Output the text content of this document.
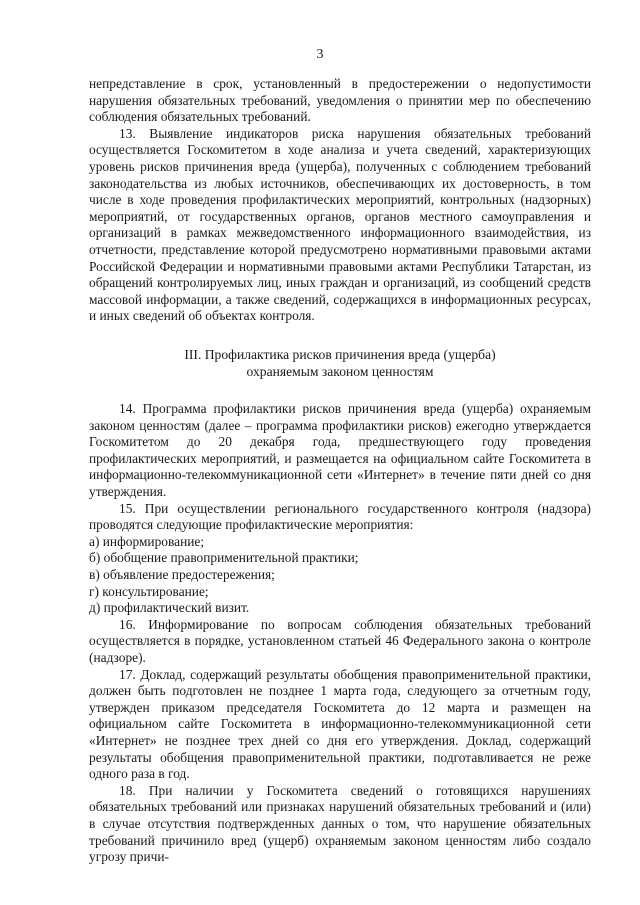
3

непредставление в срок, установленный в предостережении о недопустимости нарушения обязательных требований, уведомления о принятии мер по обеспечению соблюдения обязательных требований.

13. Выявление индикаторов риска нарушения обязательных требований осуществляется Госкомитетом в ходе анализа и учета сведений, характеризующих уровень рисков причинения вреда (ущерба), полученных с соблюдением требований законодательства из любых источников, обеспечивающих их достоверность, в том числе в ходе проведения профилактических мероприятий, контрольных (надзорных) мероприятий, от государственных органов, органов местного самоуправления и организаций в рамках межведомственного информационного взаимодействия, из отчетности, представление которой предусмотрено нормативными правовыми актами Российской Федерации и нормативными правовыми актами Республики Татарстан, из обращений контролируемых лиц, иных граждан и организаций, из сообщений средств массовой информации, а также сведений, содержащихся в информационных ресурсах, и иных сведений об объектах контроля.

III. Профилактика рисков причинения вреда (ущерба)
охраняемым законом ценностям

14. Программа профилактики рисков причинения вреда (ущерба) охраняемым законом ценностям (далее – программа профилактики рисков) ежегодно утверждается Госкомитетом до 20 декабря года, предшествующего году проведения профилактических мероприятий, и размещается на официальном сайте Госкомитета в информационно-телекоммуникационной сети «Интернет» в течение пяти дней со дня утверждения.

15. При осуществлении регионального государственного контроля (надзора) проводятся следующие профилактические мероприятия:

а) информирование;

б) обобщение правоприменительной практики;

в) объявление предостережения;

г) консультирование;

д) профилактический визит.

16. Информирование по вопросам соблюдения обязательных требований осуществляется в порядке, установленном статьей 46 Федерального закона о контроле (надзоре).

17. Доклад, содержащий результаты обобщения правоприменительной практики, должен быть подготовлен не позднее 1 марта года, следующего за отчетным году, утвержден приказом председателя Госкомитета до 12 марта и размещен на официальном сайте Госкомитета в информационно-телекоммуникационной сети «Интернет» не позднее трех дней со дня его утверждения. Доклад, содержащий результаты обобщения правоприменительной практики, подготавливается не реже одного раза в год.

18. При наличии у Госкомитета сведений о готовящихся нарушениях обязательных требований или признаках нарушений обязательных требований и (или) в случае отсутствия подтвержденных данных о том, что нарушение обязательных требований причинило вред (ущерб) охраняемым законом ценностям либо создало угрозу причи-
